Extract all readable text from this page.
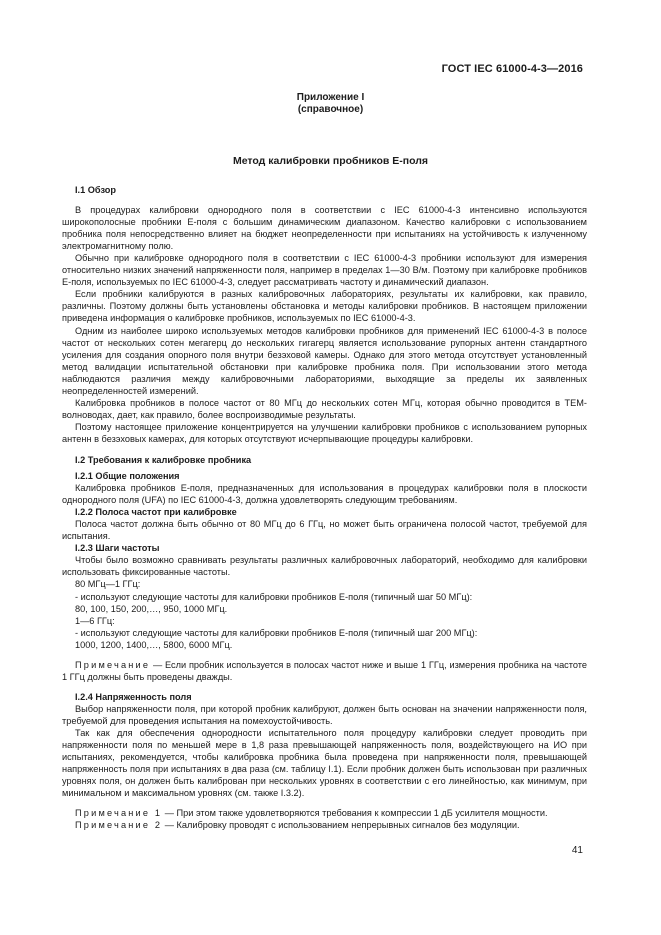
ГОСТ IEC 61000-4-3—2016
Приложение I
(справочное)
Метод калибровки пробников Е-поля
I.1 Обзор

В процедурах калибровки однородного поля в соответствии с IEC 61000-4-3 интенсивно используются широкополосные пробники Е-поля с большим динамическим диапазоном. Качество калибровки с использованием пробника поля непосредственно влияет на бюджет неопределенности при испытаниях на устойчивость к излученному электромагнитному полю.

Обычно при калибровке однородного поля в соответствии с IEC 61000-4-3 пробники используют для измерения относительно низких значений напряженности поля, например в пределах 1—30 В/м. Поэтому при калибровке пробников Е-поля, используемых по IEC 61000-4-3, следует рассматривать частоту и динамический диапазон.

Если пробники калибруются в разных калибровочных лабораториях, результаты их калибровки, как правило, различны. Поэтому должны быть установлены обстановка и методы калибровки пробников. В настоящем приложении приведена информация о калибровке пробников, используемых по IEC 61000-4-3.

Одним из наиболее широко используемых методов калибровки пробников для применений IEC 61000-4-3 в полосе частот от нескольких сотен мегагерц до нескольких гигагерц является использование рупорных антенн стандартного усиления для создания опорного поля внутри безэховой камеры. Однако для этого метода отсутствует установленный метод валидации испытательной обстановки при калибровке пробника поля. При использовании этого метода наблюдаются различия между калибровочными лабораториями, выходящие за пределы их заявленных неопределенностей измерений.

Калибровка пробников в полосе частот от 80 МГц до нескольких сотен МГц, которая обычно проводится в ТЕМ-волноводах, дает, как правило, более воспроизводимые результаты.

Поэтому настоящее приложение концентрируется на улучшении калибровки пробников с использованием рупорных антенн в безэховых камерах, для которых отсутствуют исчерпывающие процедуры калибровки.

I.2 Требования к калибровке пробника
I.2.1 Общие положения

Калибровка пробников Е-поля, предназначенных для использования в процедурах калибровки поля в плоскости однородного поля (UFA) по IEC 61000-4-3, должна удовлетворять следующим требованиям.

I.2.2 Полоса частот при калибровке

Полоса частот должна быть обычно от 80 МГц до 6 ГГц, но может быть ограничена полосой частот, требуемой для испытания.

I.2.3 Шаги частоты

Чтобы было возможно сравнивать результаты различных калибровочных лабораторий, необходимо для калибровки использовать фиксированные частоты.

80 МГц—1 ГГц:

- используют следующие частоты для калибровки пробников Е-поля (типичный шаг 50 МГц):

80, 100, 150, 200,…, 950, 1000 МГц.

1—6 ГГц:

- используют следующие частоты для калибровки пробников Е-поля (типичный шаг 200 МГц):

1000, 1200, 1400,…, 5800, 6000 МГц.

Примечание — Если пробник используется в полосах частот ниже и выше 1 ГГц, измерения пробника на частоте 1 ГГц должны быть проведены дважды.

I.2.4 Напряженность поля

Выбор напряженности поля, при которой пробник калибруют, должен быть основан на значении напряженности поля, требуемой для проведения испытания на помехоустойчивость.

Так как для обеспечения однородности испытательного поля процедуру калибровки следует проводить при напряженности поля по меньшей мере в 1,8 раза превышающей напряженность поля, воздействующего на ИО при испытаниях, рекомендуется, чтобы калибровка пробника была проведена при напряженности поля, превышающей напряженность поля при испытаниях в два раза (см. таблицу I.1). Если пробник должен быть использован при различных уровнях поля, он должен быть калиброван при нескольких уровнях в соответствии с его линейностью, как минимум, при минимальном и максимальном уровнях (см. также I.3.2).

Примечание 1 — При этом также удовлетворяются требования к компрессии 1 дБ усилителя мощности.

Примечание 2 — Калибровку проводят с использованием непрерывных сигналов без модуляции.

41
